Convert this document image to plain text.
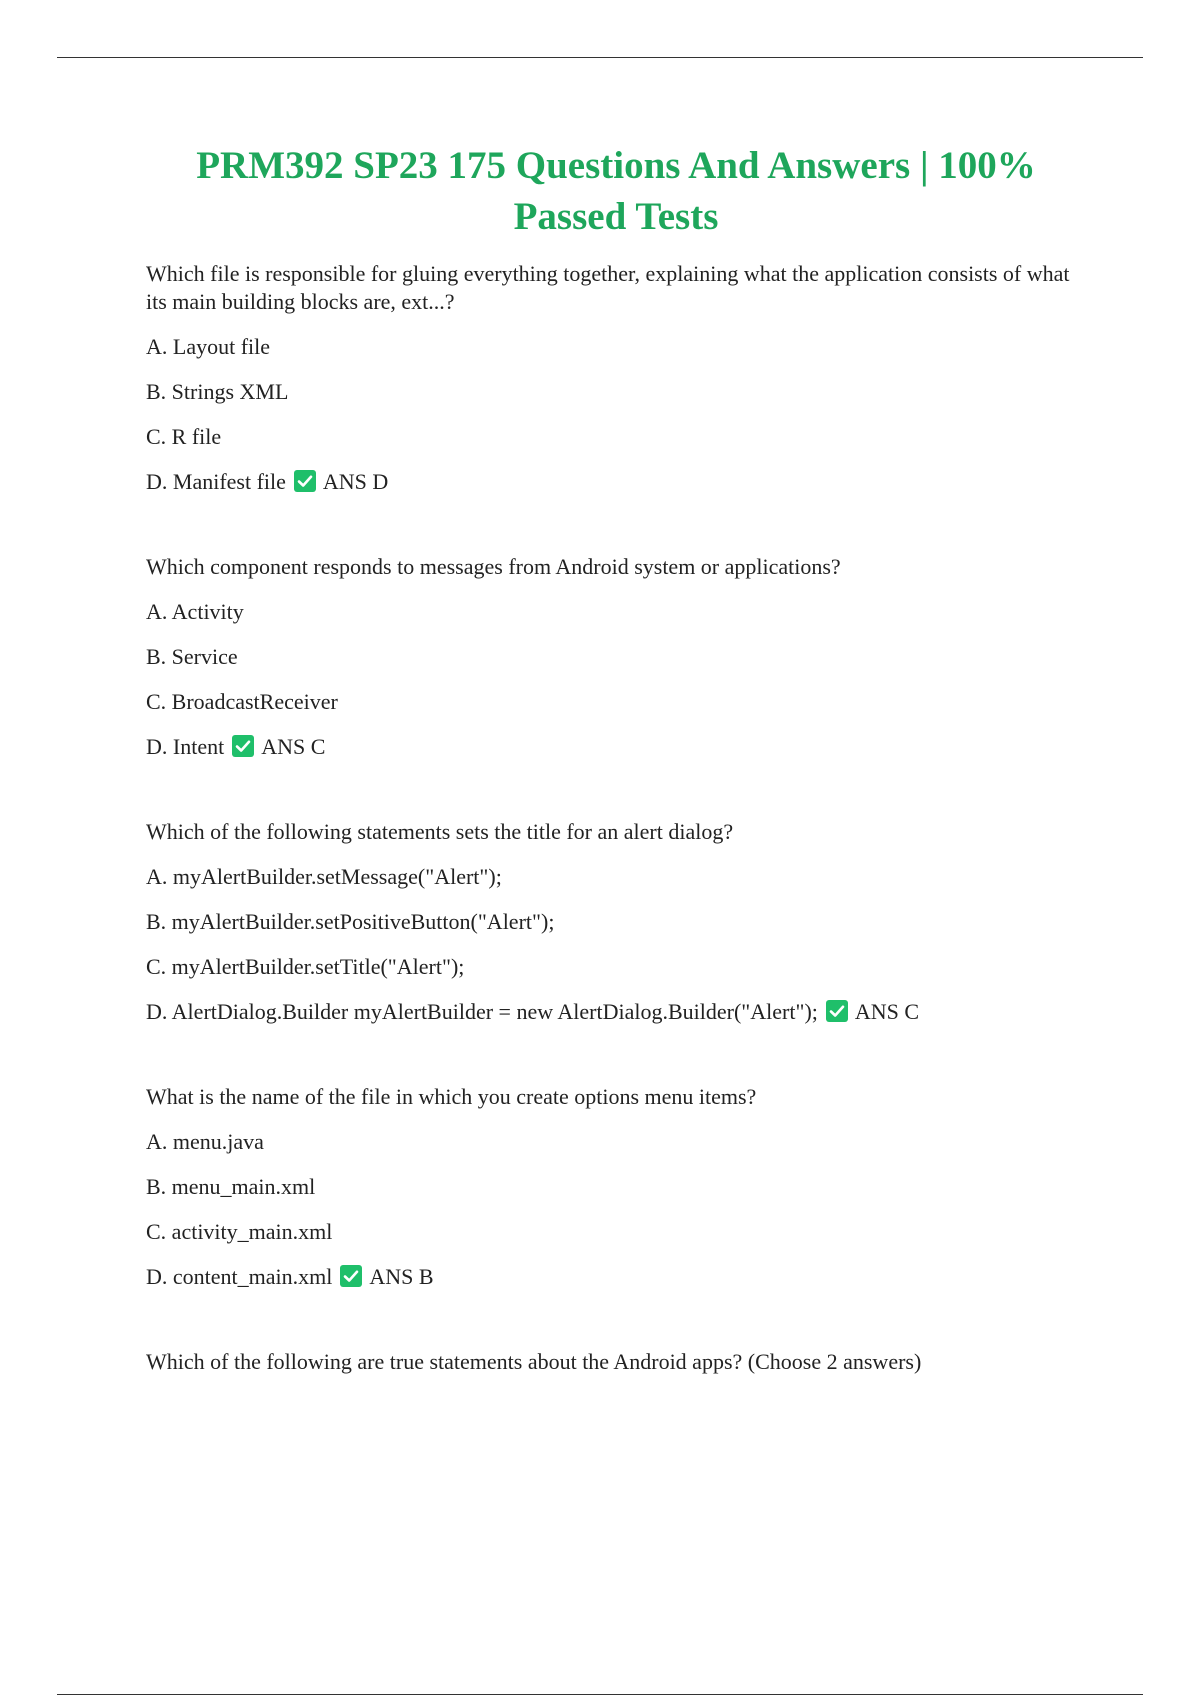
PRM392 SP23 175 Questions And Answers | 100% Passed Tests

Which file is responsible for gluing everything together, explaining what the application consists of what its main building blocks are, ext...?

A. Layout file
B. Strings XML
C. R file
D. Manifest file ANS D

Which component responds to messages from Android system or applications?

A. Activity
B. Service
C. BroadcastReceiver
D. Intent ANS C

Which of the following statements sets the title for an alert dialog?

A. myAlertBuilder.setMessage("Alert");
B. myAlertBuilder.setPositiveButton("Alert");
C. myAlertBuilder.setTitle("Alert");
D. AlertDialog.Builder myAlertBuilder = new AlertDialog.Builder("Alert"); ANS C

What is the name of the file in which you create options menu items?

A. menu.java
B. menu_main.xml
C. activity_main.xml
D. content_main.xml ANS B

Which of the following are true statements about the Android apps? (Choose 2 answers)
